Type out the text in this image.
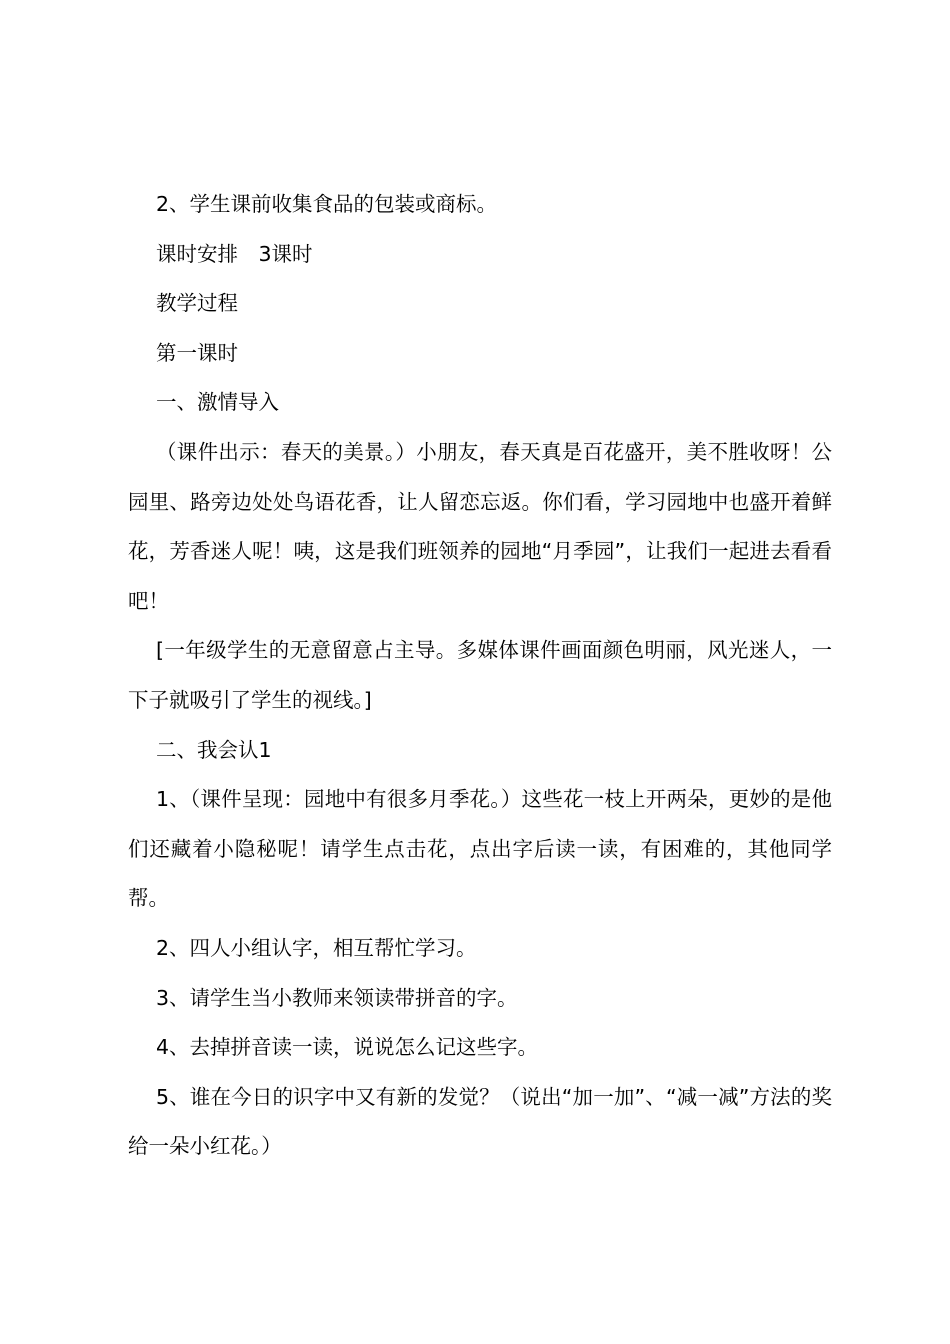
2、学生课前收集食品的包装或商标。

课时安排　3课时

教学过程

第一课时

一、激情导入

（课件出示：春天的美景。）小朋友，春天真是百花盛开，美不胜收呀！公园里、路旁边处处鸟语花香，让人留恋忘返。你们看，学习园地中也盛开着鲜花，芳香迷人呢！咦，这是我们班领养的园地“月季园”，让我们一起进去看看吧！

[一年级学生的无意留意占主导。多媒体课件画面颜色明丽，风光迷人，一下子就吸引了学生的视线。]

二、我会认1

1、（课件呈现：园地中有很多月季花。）这些花一枝上开两朵，更妙的是他们还藏着小隐秘呢！请学生点击花，点出字后读一读，有困难的，其他同学帮。

2、四人小组认字，相互帮忙学习。

3、请学生当小教师来领读带拼音的字。

4、去掉拼音读一读，说说怎么记这些字。

5、谁在今日的识字中又有新的发觉？（说出“加一加”、“减一减”方法的奖给一朵小红花。）
